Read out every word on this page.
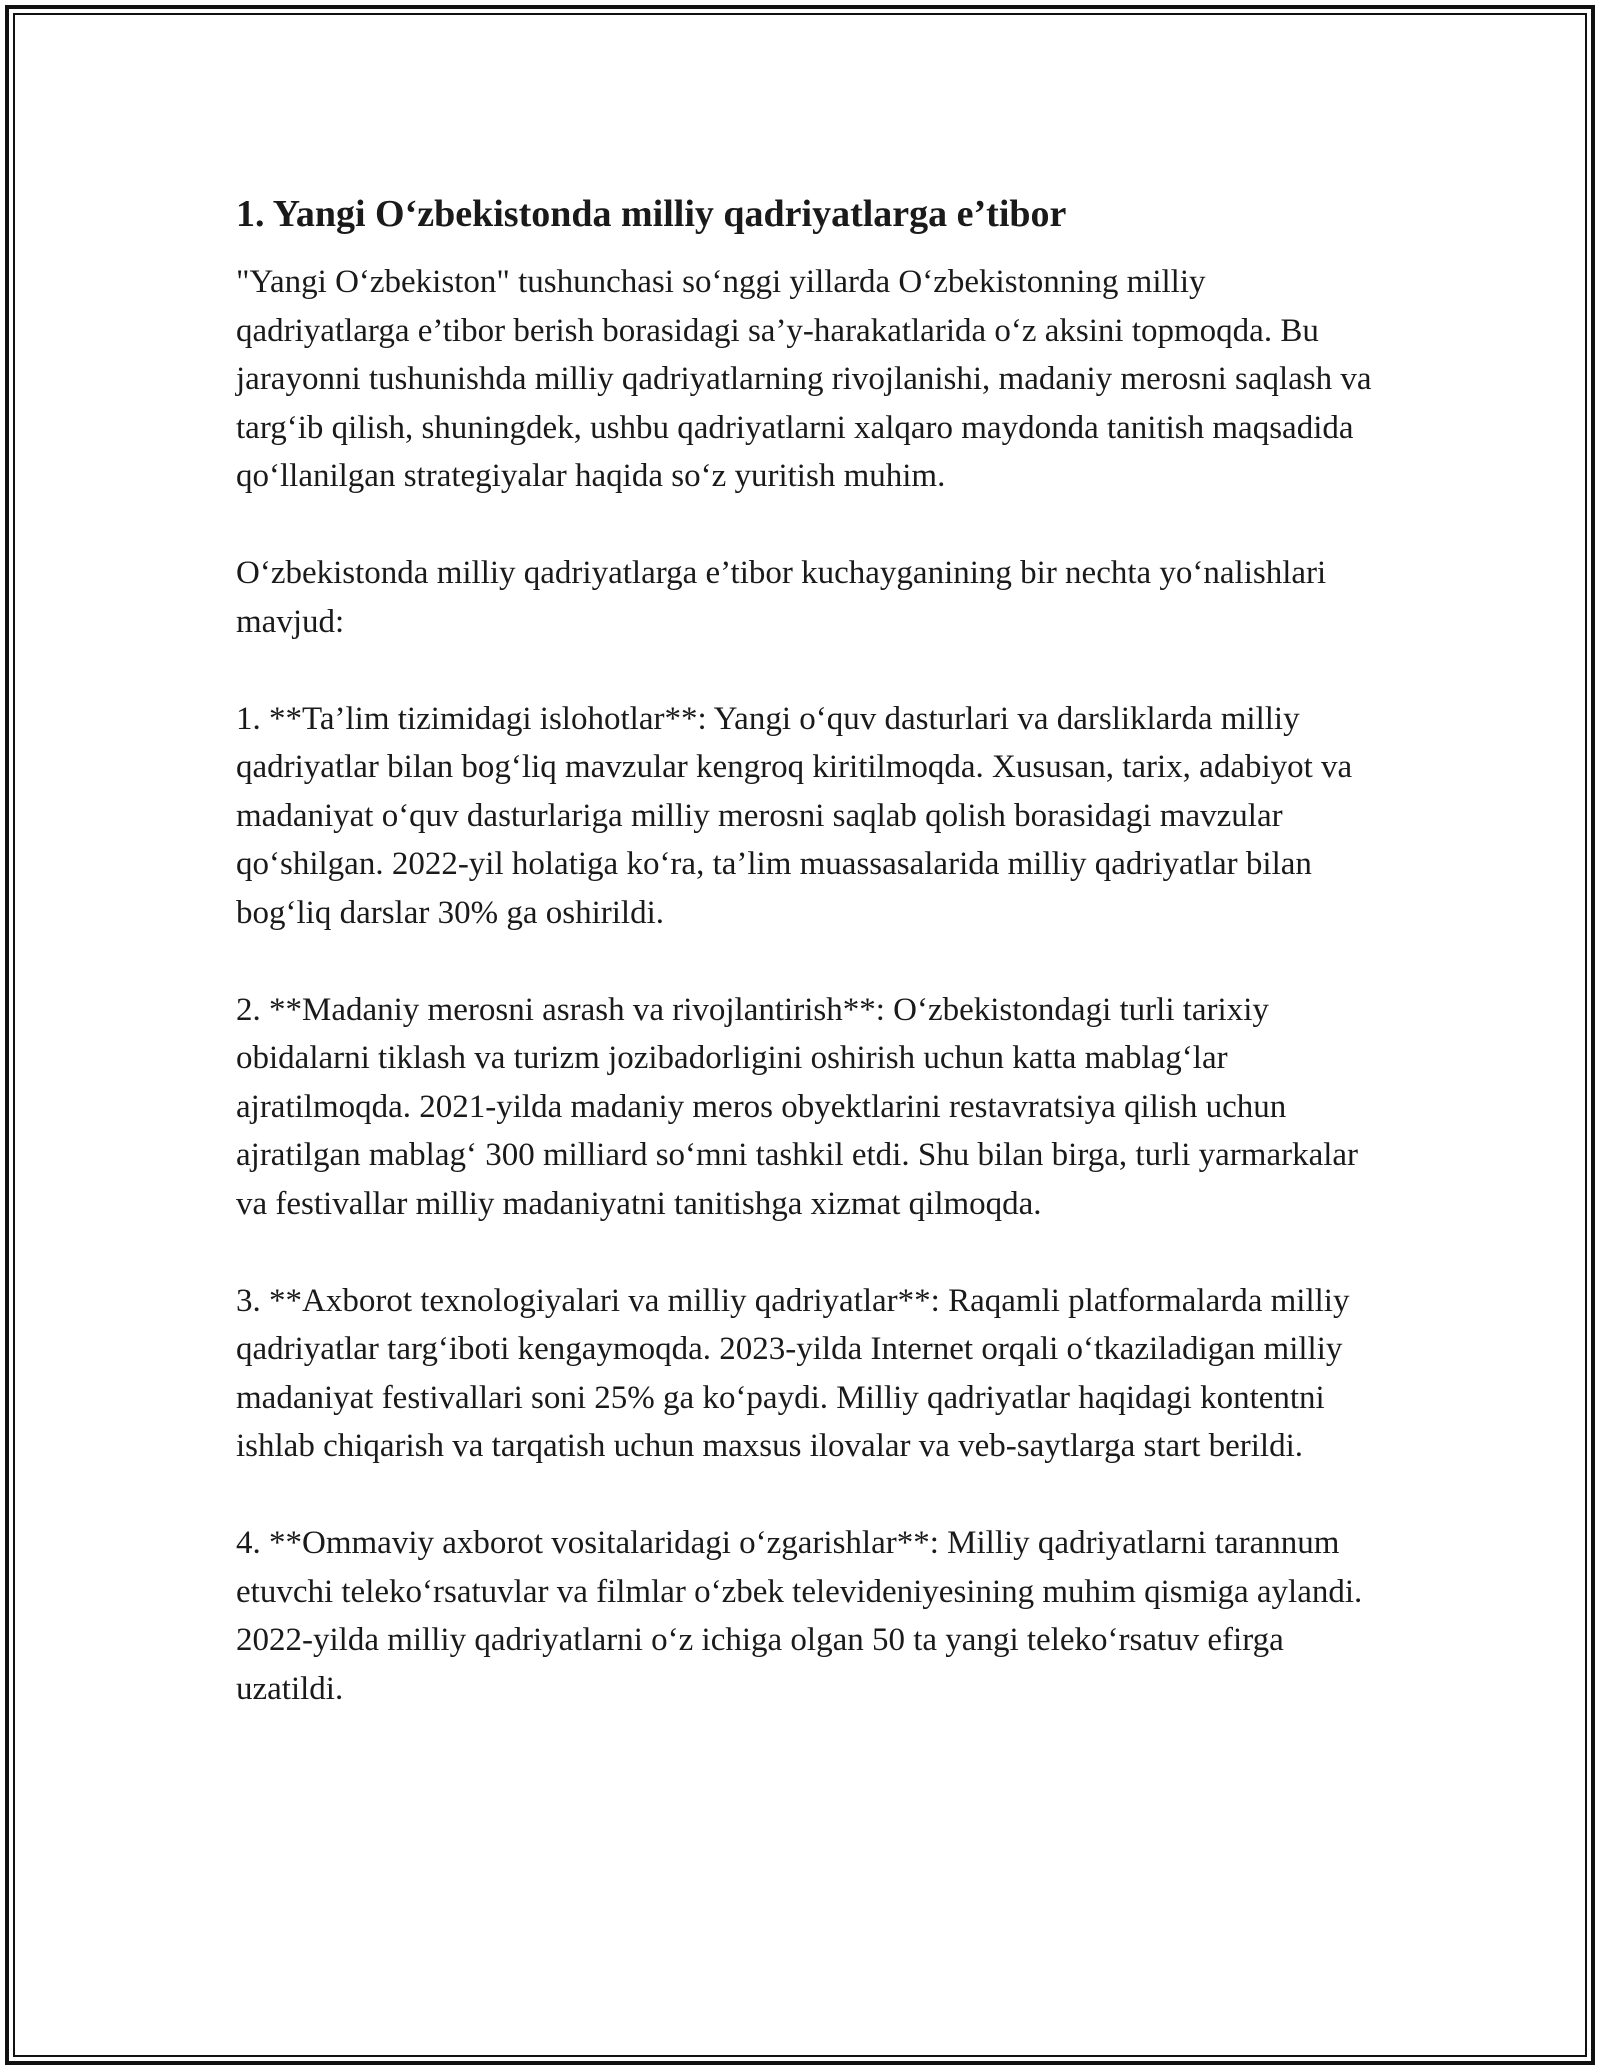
1. Yangi O‘zbekistonda milliy qadriyatlarga e’tibor

"Yangi O‘zbekiston" tushunchasi so‘nggi yillarda O‘zbekistonning milliy qadriyatlarga e’tibor berish borasidagi sa’y-harakatlarida o‘z aksini topmoqda. Bu jarayonni tushunishda milliy qadriyatlarning rivojlanishi, madaniy merosni saqlash va targ‘ib qilish, shuningdek, ushbu qadriyatlarni xalqaro maydonda tanitish maqsadida qo‘llanilgan strategiyalar haqida so‘z yuritish muhim.

O‘zbekistonda milliy qadriyatlarga e’tibor kuchayganining bir nechta yo‘nalishlari mavjud:

1. **Ta’lim tizimidagi islohotlar**: Yangi o‘quv dasturlari va darsliklarda milliy qadriyatlar bilan bog‘liq mavzular kengroq kiritilmoqda. Xususan, tarix, adabiyot va madaniyat o‘quv dasturlariga milliy merosni saqlab qolish borasidagi mavzular qo‘shilgan. 2022-yil holatiga ko‘ra, ta’lim muassasalarida milliy qadriyatlar bilan bog‘liq darslar 30% ga oshirildi.

2. **Madaniy merosni asrash va rivojlantirish**: O‘zbekistondagi turli tarixiy obidalarni tiklash va turizm jozibadorligini oshirish uchun katta mablag‘lar ajratilmoqda. 2021-yilda madaniy meros obyektlarini restavratsiya qilish uchun ajratilgan mablag‘ 300 milliard so‘mni tashkil etdi. Shu bilan birga, turli yarmarkalar va festivallar milliy madaniyatni tanitishga xizmat qilmoqda.

3. **Axborot texnologiyalari va milliy qadriyatlar**: Raqamli platformalarda milliy qadriyatlar targ‘iboti kengaymoqda. 2023-yilda Internet orqali o‘tkaziladigan milliy madaniyat festivallari soni 25% ga ko‘paydi. Milliy qadriyatlar haqidagi kontentni ishlab chiqarish va tarqatish uchun maxsus ilovalar va veb-saytlarga start berildi.

4. **Ommaviy axborot vositalaridagi o‘zgarishlar**: Milliy qadriyatlarni tarannum etuvchi teleko‘rsatuvlar va filmlar o‘zbek televideniyesining muhim qismiga aylandi. 2022-yilda milliy qadriyatlarni o‘z ichiga olgan 50 ta yangi teleko‘rsatuv efirga uzatildi.
